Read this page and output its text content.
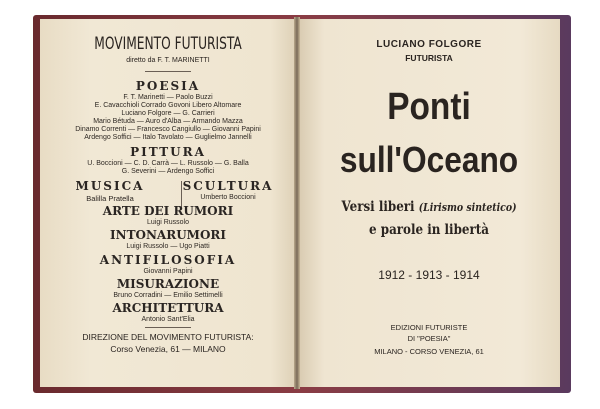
MOVIMENTO FUTURISTA
diretto da F. T. MARINETTI
POESIA
F. T. Marinetti — Paolo Buzzi
E. Cavacchioli Corrado Govoni Libero Altomare
Luciano Folgore — G. Carrieri
Mario Bétuda — Auro d'Alba — Armando Mazza
Dinamo Correnti — Francesco Cangiullo — Giovanni Papini
Ardengo Soffici — Italo Tavolato — Guglielmo Jannelli
PITTURA
U. Boccioni — C. D. Carrà — L. Russolo — G. Balla
G. Severini — Ardengo Soffici
MUSICA
Balilla Pratella
SCULTURA
Umberto Boccioni
ARTE DEI RUMORI
Luigi Russolo
INTONARUMORI
Luigi Russolo — Ugo Piatti
ANTIFILOSOFIA
Giovanni Papini
MISURAZIONE
Bruno Corradini — Emilio Settimelli
ARCHITETTURA
Antonio Sant'Elia
DIREZIONE DEL MOVIMENTO FUTURISTA:
Corso Venezia, 61 — MILANO
LUCIANO FOLGORE
FUTURISTA
Ponti
sull'Oceano
Versi liberi (Lirismo sintetico)
e parole in libertà
1912 - 1913 - 1914
EDIZIONI FUTURISTE
DI "POESIA"
MILANO - CORSO VENEZIA, 61
